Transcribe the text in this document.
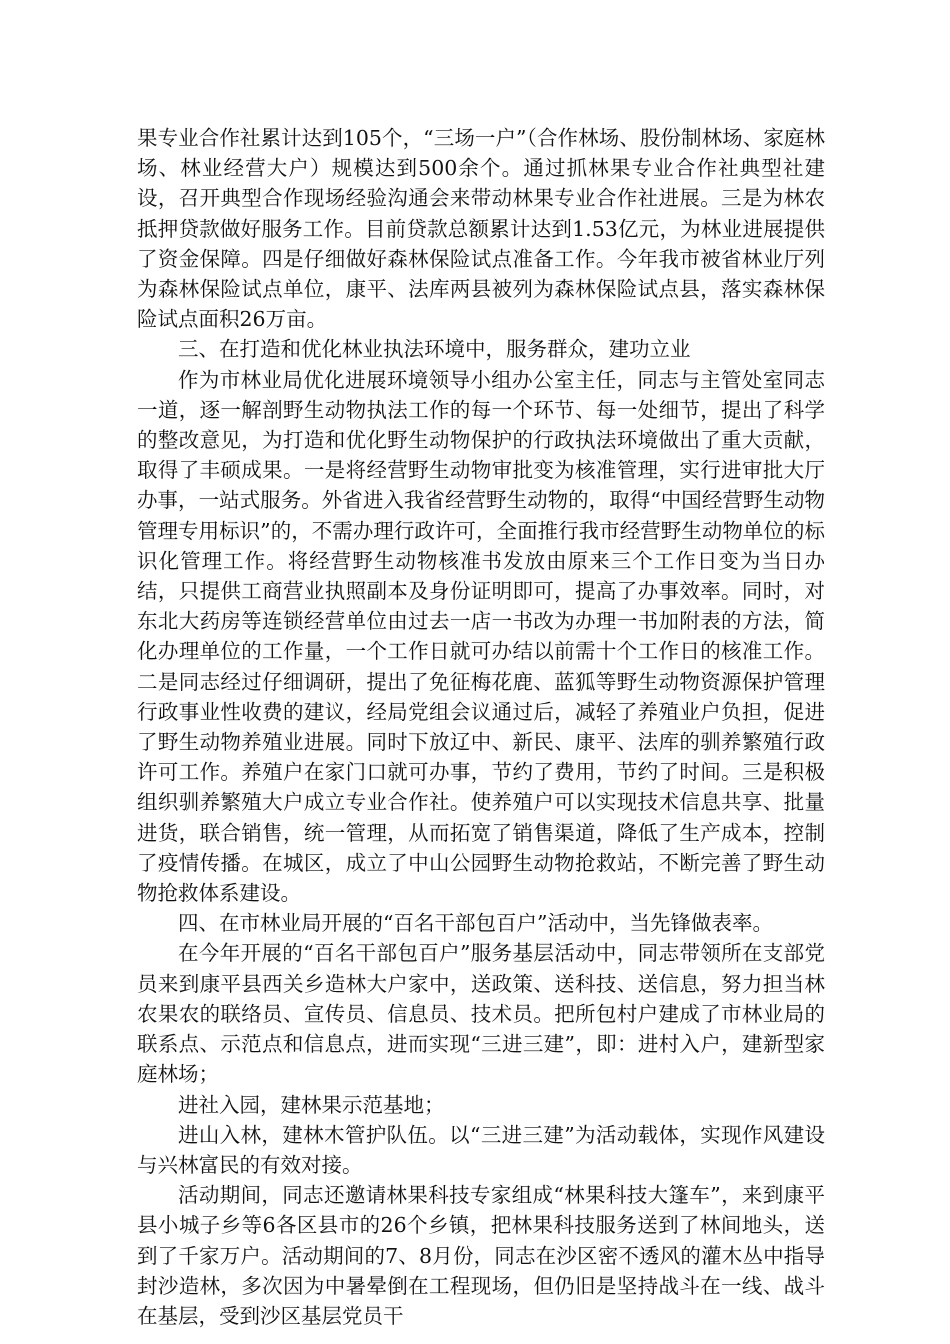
果专业合作社累计达到105个，“三场一户”（合作林场、股份制林场、家庭林场、林业经营大户）规模达到500余个。通过抓林果专业合作社典型社建设，召开典型合作现场经验沟通会来带动林果专业合作社进展。三是为林农抵押贷款做好服务工作。目前贷款总额累计达到1.53亿元，为林业进展提供了资金保障。四是仔细做好森林保险试点准备工作。今年我市被省林业厅列为森林保险试点单位，康平、法库两县被列为森林保险试点县，落实森林保险试点面积26万亩。

三、在打造和优化林业执法环境中，服务群众，建功立业

作为市林业局优化进展环境领导小组办公室主任，同志与主管处室同志一道，逐一解剖野生动物执法工作的每一个环节、每一处细节，提出了科学的整改意见，为打造和优化野生动物保护的行政执法环境做出了重大贡献，取得了丰硕成果。一是将经营野生动物审批变为核准管理，实行进审批大厅办事，一站式服务。外省进入我省经营野生动物的，取得“中国经营野生动物管理专用标识”的，不需办理行政许可，全面推行我市经营野生动物单位的标识化管理工作。将经营野生动物核准书发放由原来三个工作日变为当日办结，只提供工商营业执照副本及身份证明即可，提高了办事效率。同时，对东北大药房等连锁经营单位由过去一店一书改为办理一书加附表的方法，简化办理单位的工作量，一个工作日就可办结以前需十个工作日的核准工作。二是同志经过仔细调研，提出了免征梅花鹿、蓝狐等野生动物资源保护管理行政事业性收费的建议，经局党组会议通过后，减轻了养殖业户负担，促进了野生动物养殖业进展。同时下放辽中、新民、康平、法库的驯养繁殖行政许可工作。养殖户在家门口就可办事，节约了费用，节约了时间。三是积极组织驯养繁殖大户成立专业合作社。使养殖户可以实现技术信息共享、批量进货，联合销售，统一管理，从而拓宽了销售渠道，降低了生产成本，控制了疫情传播。在城区，成立了中山公园野生动物抢救站，不断完善了野生动物抢救体系建设。

四、在市林业局开展的“百名干部包百户”活动中，当先锋做表率。

在今年开展的“百名干部包百户”服务基层活动中，同志带领所在支部党员来到康平县西关乡造林大户家中，送政策、送科技、送信息，努力担当林农果农的联络员、宣传员、信息员、技术员。把所包村户建成了市林业局的联系点、示范点和信息点，进而实现“三进三建”，即：进村入户，建新型家庭林场；

进社入园，建林果示范基地；

进山入林，建林木管护队伍。以“三进三建”为活动载体，实现作风建设与兴林富民的有效对接。

活动期间，同志还邀请林果科技专家组成“林果科技大篷车”，来到康平县小城子乡等6各区县市的26个乡镇，把林果科技服务送到了林间地头，送到了千家万户。活动期间的7、8月份，同志在沙区密不透风的灌木丛中指导封沙造林，多次因为中暑晕倒在工程现场，但仍旧是坚持战斗在一线、战斗在基层，受到沙区基层党员干
